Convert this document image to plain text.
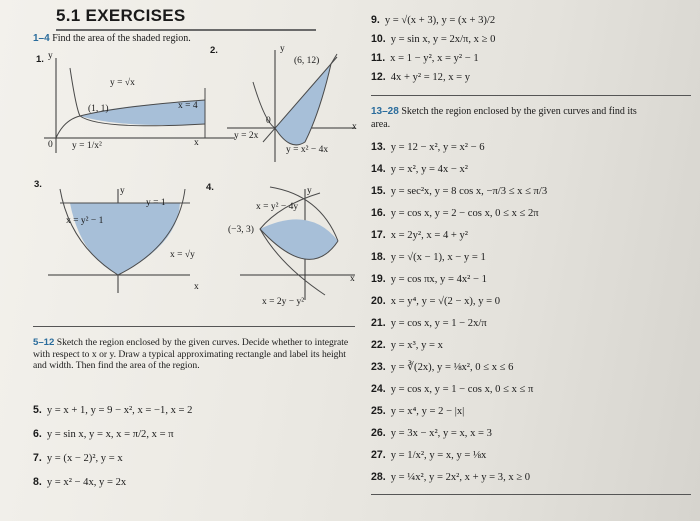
5.1 EXERCISES
1–4 Find the area of the shaded region.
1. y
y = √x
(1, 1)	x = 4
0 y = 1/x²	x
2.	y
(6, 12)
0
y = 2x
y = x² − 4x
x
3.
y
y = 1
x = y² − 1
x = √y
x
4.	y
x = y² − 4y
(−3, 3)
x = 2y − y²
x
5–12 Sketch the region enclosed by the given curves. Decide whether to integrate with respect to x or y. Draw a typical approximating rectangle and label its height and width. Then find the area of the region.
5. y = x + 1, y = 9 − x², x = −1, x = 2
6. y = sin x, y = x, x = π/2, x = π
7. y = (x − 2)², y = x
8. y = x² − 4x, y = 2x
9. y = √(x + 3), y = (x + 3)/2
10. y = sin x, y = 2x/π, x ≥ 0
11. x = 1 − y², x = y² − 1
12. 4x + y² = 12, x = y
13–28 Sketch the region enclosed by the given curves and find its
area.
13. y = 12 − x², y = x² − 6
14. y = x², y = 4x − x²
15. y = sec²x, y = 8 cos x, −π/3 ≤ x ≤ π/3
16. y = cos x, y = 2 − cos x, 0 ≤ x ≤ 2π
17. x = 2y², x = 4 + y²
18. y = √(x − 1), x − y = 1
19. y = cos πx, y = 4x² − 1
20. x = y⁴, y = √(2 − x), y = 0
21. y = cos x, y = 1 − 2x/π
22. y = x³, y = x
23. y = ∛(2x), y = ⅛x², 0 ≤ x ≤ 6
24. y = cos x, y = 1 − cos x, 0 ≤ x ≤ π
25. y = x⁴, y = 2 − |x|
26. y = 3x − x², y = x, x = 3
27. y = 1/x², y = x, y = ⅛x
28. y = ¼x², y = 2x², x + y = 3, x ≥ 0
